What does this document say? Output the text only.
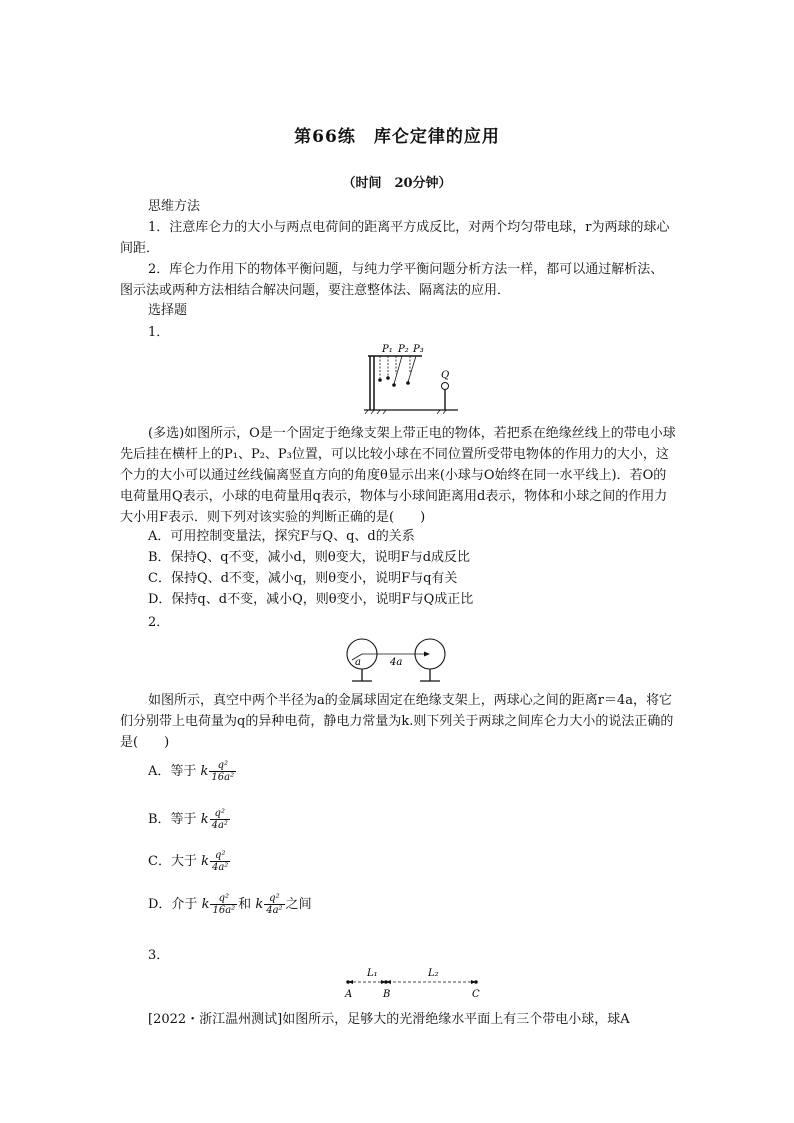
第66练　库仑定律的应用
（时间　20分钟）
思维方法
1．注意库仑力的大小与两点电荷间的距离平方成反比，对两个均匀带电球，r为两球的球心间距．
2．库仑力作用下的物体平衡问题，与纯力学平衡问题分析方法一样，都可以通过解析法、图示法或两种方法相结合解决问题，要注意整体法、隔离法的应用．
选择题
1．
P₁ P₂ P₃
Q
(多选)如图所示，O是一个固定于绝缘支架上带正电的物体，若把系在绝缘丝线上的带电小球先后挂在横杆上的P₁、P₂、P₃位置，可以比较小球在不同位置所受带电物体的作用力的大小，这个力的大小可以通过丝线偏离竖直方向的角度θ显示出来(小球与O始终在同一水平线上)．若O的电荷量用Q表示，小球的电荷量用q表示，物体与小球间距离用d表示，物体和小球之间的作用力大小用F表示．则下列对该实验的判断正确的是(　　)
A．可用控制变量法，探究F与Q、q、d的关系
B．保持Q、q不变，减小d，则θ变大，说明F与d成反比
C．保持Q、d不变，减小q，则θ变小，说明F与q有关
D．保持q、d不变，减小Q，则θ变小，说明F与Q成正比
2．
a	4a
如图所示，真空中两个半径为a的金属球固定在绝缘支架上，两球心之间的距离r＝4a，将它们分别带上电荷量为q的异种电荷，静电力常量为k.则下列关于两球之间库仑力大小的说法正确的是(　　)
A．等于 k $\frac{\text{q²}}{\text{16a²}}$
B．等于 k $\frac{\text{q²}}{\text{4a²}}$
C．大于 k $\frac{\text{q²}}{\text{4a²}}$
D．介于 k $\frac{\text{q²}}{\text{16a²}}$ 和 k $\frac{\text{q²}}{\text{4a²}}$ 之间
3．
L₁	L₂
A	B	C
[2022・浙江温州测试]如图所示，足够大的光滑绝缘水平面上有三个带电小球，球A
